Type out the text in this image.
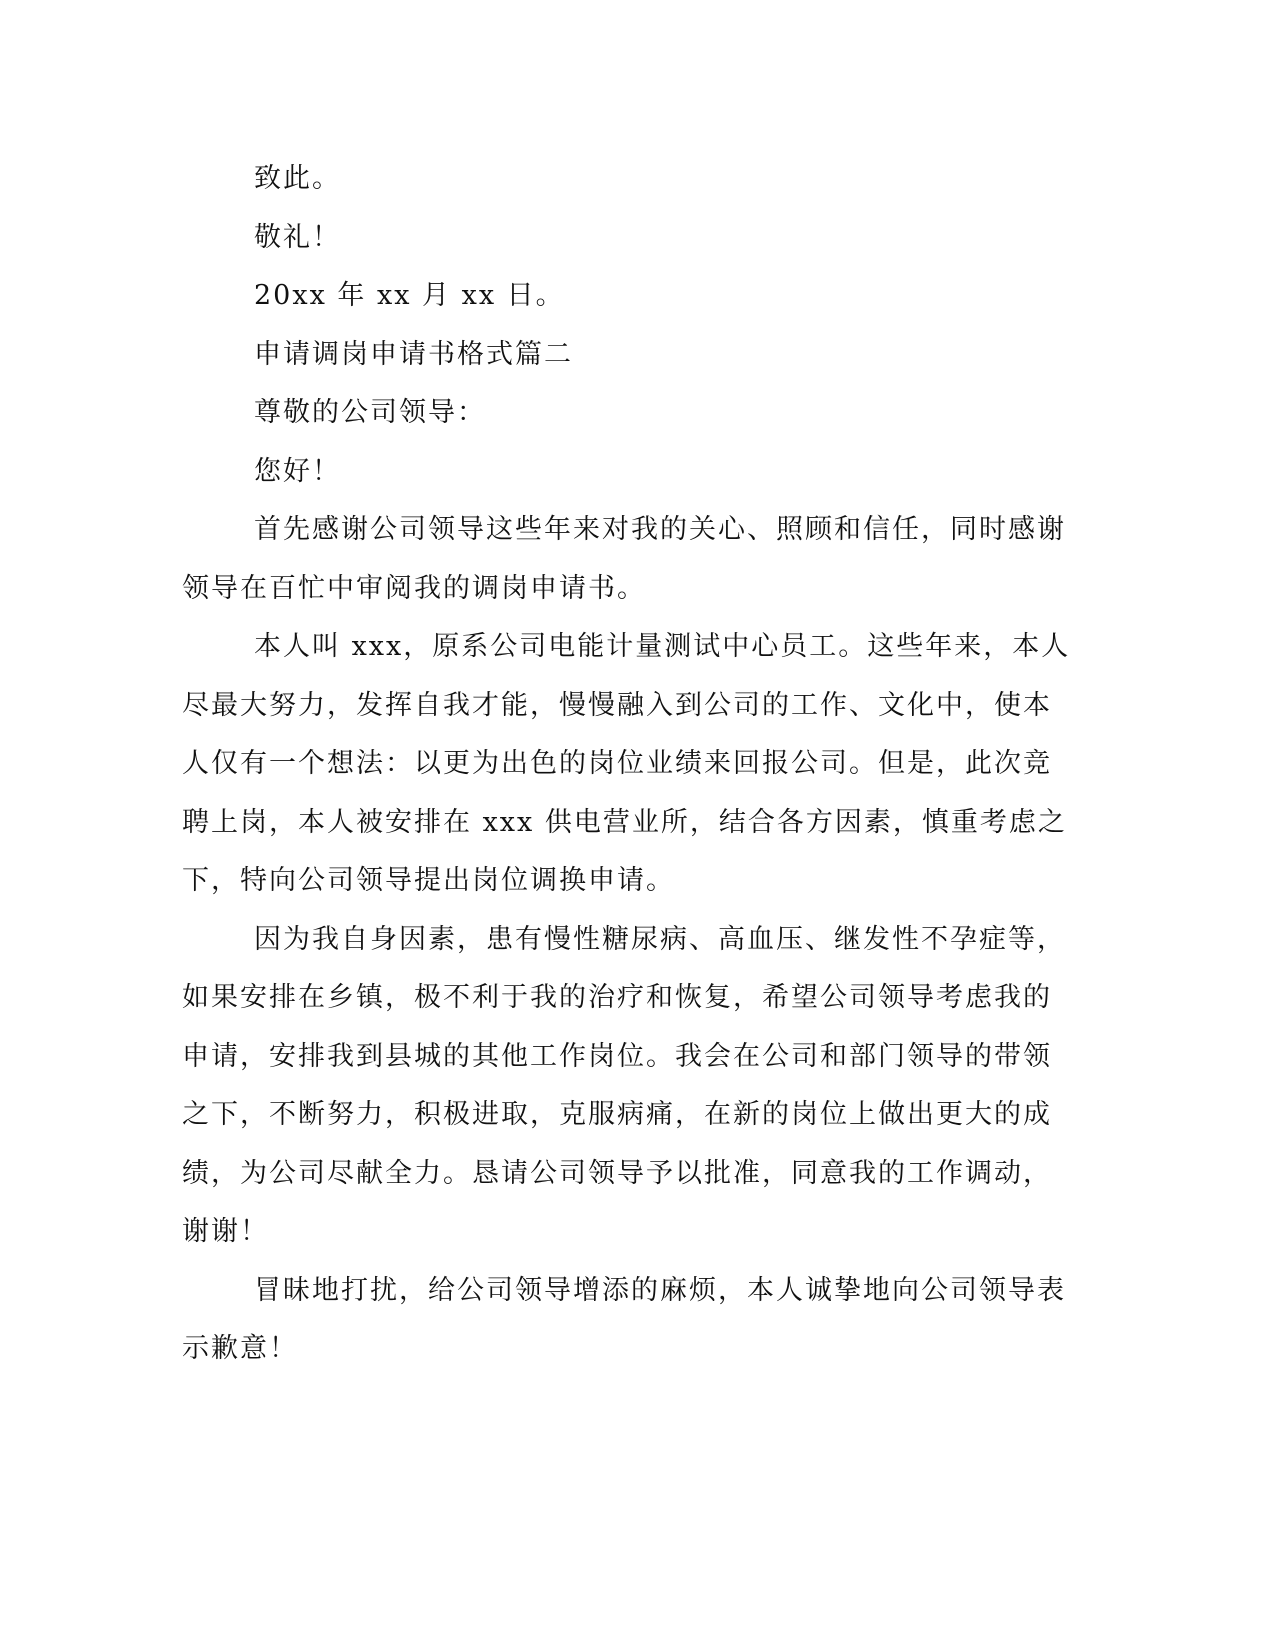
致此。
敬礼！
20xx 年 xx 月 xx 日。
申请调岗申请书格式篇二
尊敬的公司领导：
您好！
首先感谢公司领导这些年来对我的关心、照顾和信任，同时感谢
领导在百忙中审阅我的调岗申请书。
本人叫 xxx，原系公司电能计量测试中心员工。这些年来，本人
尽最大努力，发挥自我才能，慢慢融入到公司的工作、文化中，使本
人仅有一个想法：以更为出色的岗位业绩来回报公司。但是，此次竞
聘上岗，本人被安排在 xxx 供电营业所，结合各方因素，慎重考虑之
下，特向公司领导提出岗位调换申请。
因为我自身因素，患有慢性糖尿病、高血压、继发性不孕症等，
如果安排在乡镇，极不利于我的治疗和恢复，希望公司领导考虑我的
申请，安排我到县城的其他工作岗位。我会在公司和部门领导的带领
之下，不断努力，积极进取，克服病痛，在新的岗位上做出更大的成
绩，为公司尽献全力。恳请公司领导予以批准，同意我的工作调动，
谢谢！
冒昧地打扰，给公司领导增添的麻烦，本人诚挚地向公司领导表
示歉意！
